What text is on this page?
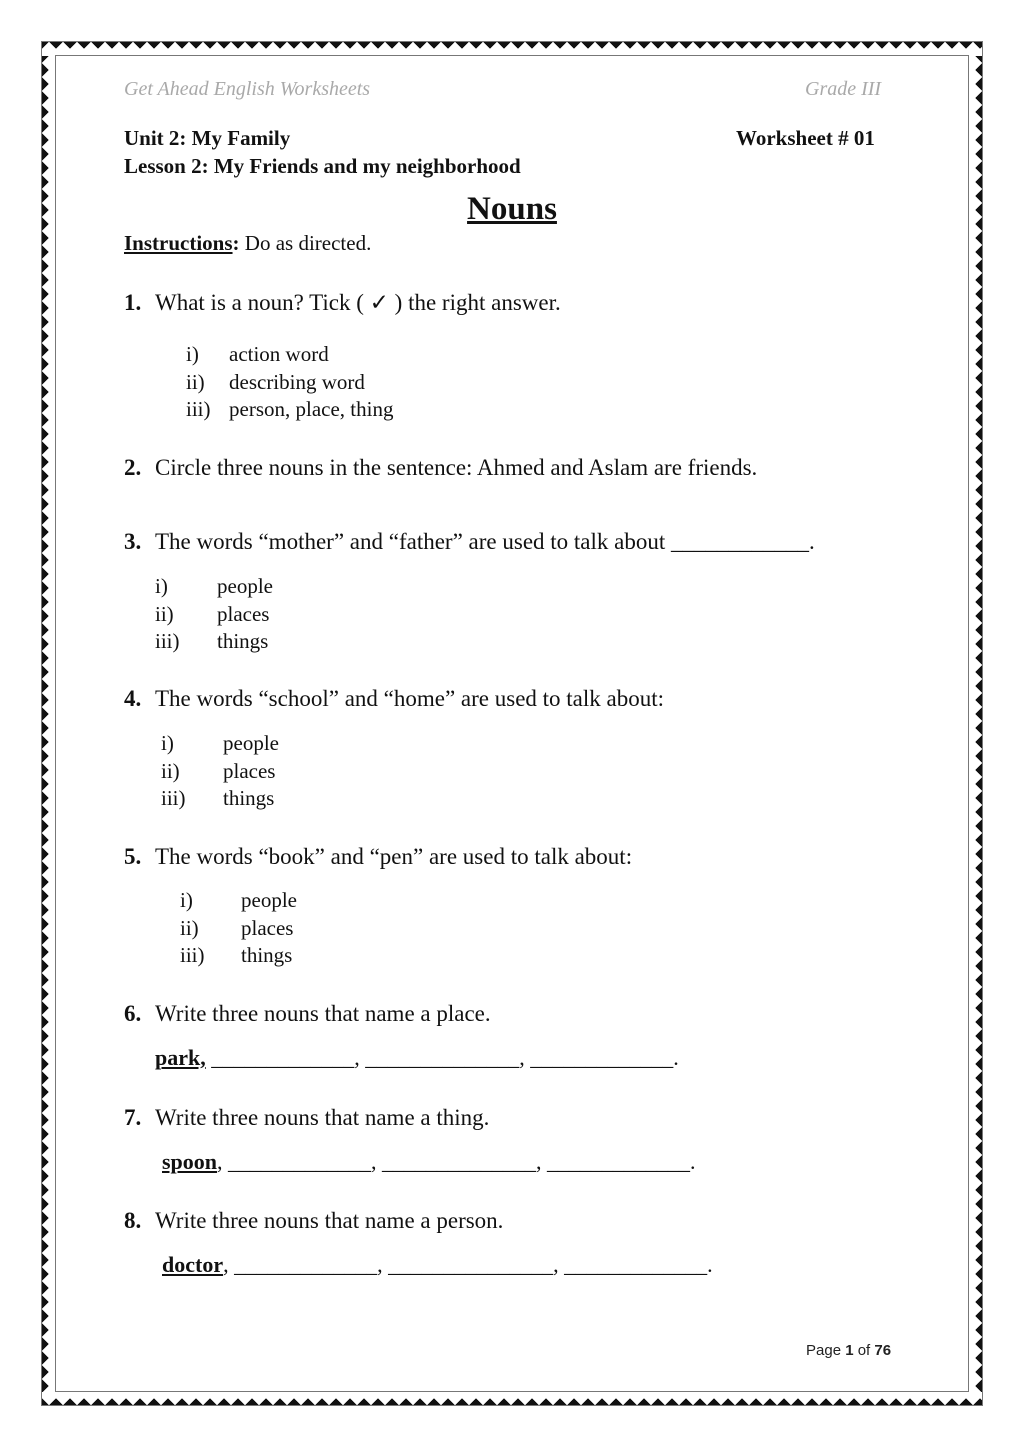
Get Ahead English Worksheets	Grade III
Unit 2: My Family	Worksheet # 01
Lesson 2: My Friends and my neighborhood
Nouns
Instructions: Do as directed.
1. What is a noun? Tick ( ✓ ) the right answer.
i) action word
ii) describing word
iii) person, place, thing
2. Circle three nouns in the sentence: Ahmed and Aslam are friends.
3. The words “mother” and “father” are used to talk about ____________.
i) people
ii) places
iii) things
4. The words “school” and “home” are used to talk about:
i) people
ii) places
iii) things
5. The words “book” and “pen” are used to talk about:
i) people
ii) places
iii) things
6. Write three nouns that name a place.
park, _____________, ______________, _____________.
7. Write three nouns that name a thing.
spoon, _____________, ______________, _____________.
8. Write three nouns that name a person.
doctor, _____________, _______________, _____________.
Page 1 of 76
